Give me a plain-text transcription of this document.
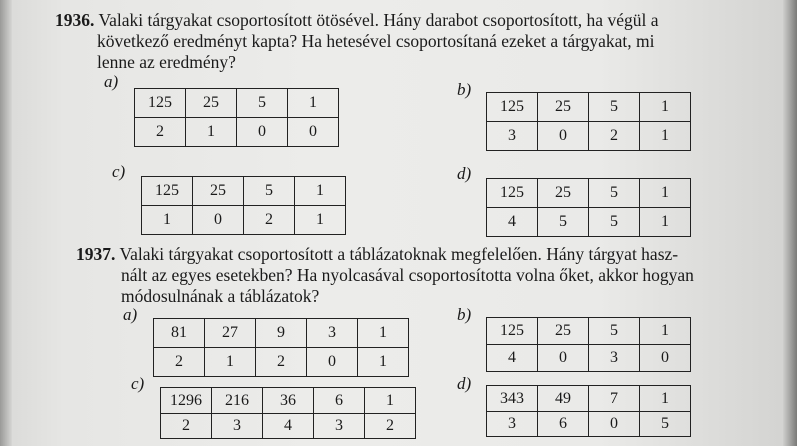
1936. Valaki tárgyakat csoportosított ötösével. Hány darabot csoportosított, ha végül a
következő eredményt kapta? Ha hetesével csoportosítaná ezeket a tárgyakat, mi
lenne az eredmény?
a)	b)
c)	d)
125	25	5	1
2	1	0	0
125	25	5	1
3	0	2	1
125	25	5	1
1	0	2	1
125	25	5	1
4	5	5	1
1937. Valaki tárgyakat csoportosított a táblázatoknak megfelelően. Hány tárgyat hasz-
nált az egyes esetekben? Ha nyolcasával csoportosította volna őket, akkor hogyan
módosulnának a táblázatok?
a)	b)
c)	d)
81	27	9	3	1
2	1	2	0	1
125	25	5	1
4	0	3	0
1296	216	36	6	1
2	3	4	3	2
343	49	7	1
3	6	0	5
